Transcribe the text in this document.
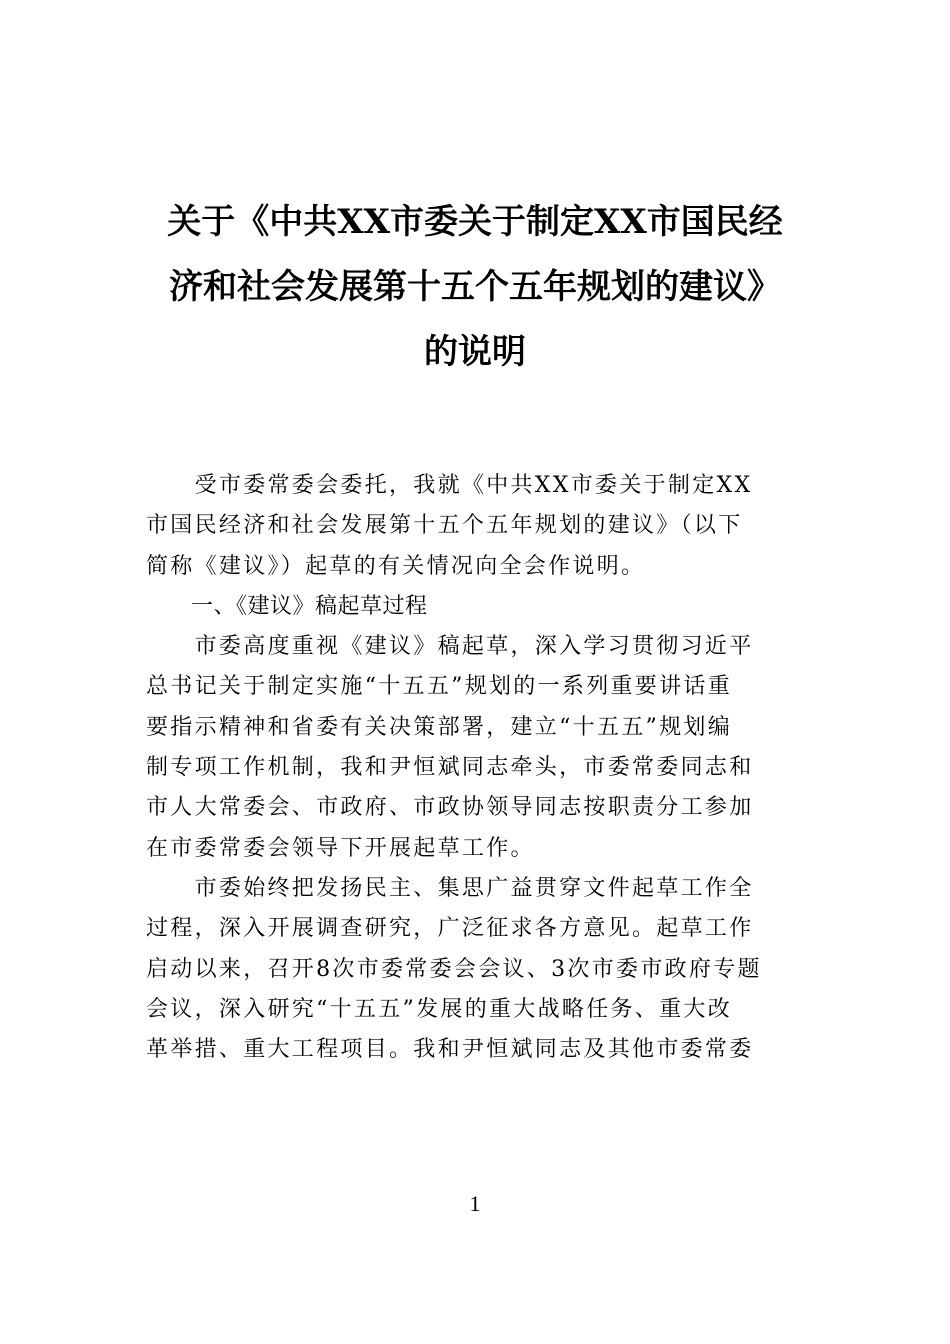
关于《中共XX市委关于制定XX市国民经
济和社会发展第十五个五年规划的建议》
的说明
　　受市委常委会委托，我就《中共XX市委关于制定XX
市国民经济和社会发展第十五个五年规划的建议》（以下
简称《建议》）起草的有关情况向全会作说明。
　　一、《建议》稿起草过程
　　市委高度重视《建议》稿起草，深入学习贯彻习近平
总书记关于制定实施“十五五”规划的一系列重要讲话重
要指示精神和省委有关决策部署，建立“十五五”规划编
制专项工作机制，我和尹恒斌同志牵头，市委常委同志和
市人大常委会、市政府、市政协领导同志按职责分工参加
在市委常委会领导下开展起草工作。
　　市委始终把发扬民主、集思广益贯穿文件起草工作全
过程，深入开展调查研究，广泛征求各方意见。起草工作
启动以来，召开8次市委常委会会议、3次市委市政府专题
会议，深入研究“十五五”发展的重大战略任务、重大改
革举措、重大工程项目。我和尹恒斌同志及其他市委常委
1
